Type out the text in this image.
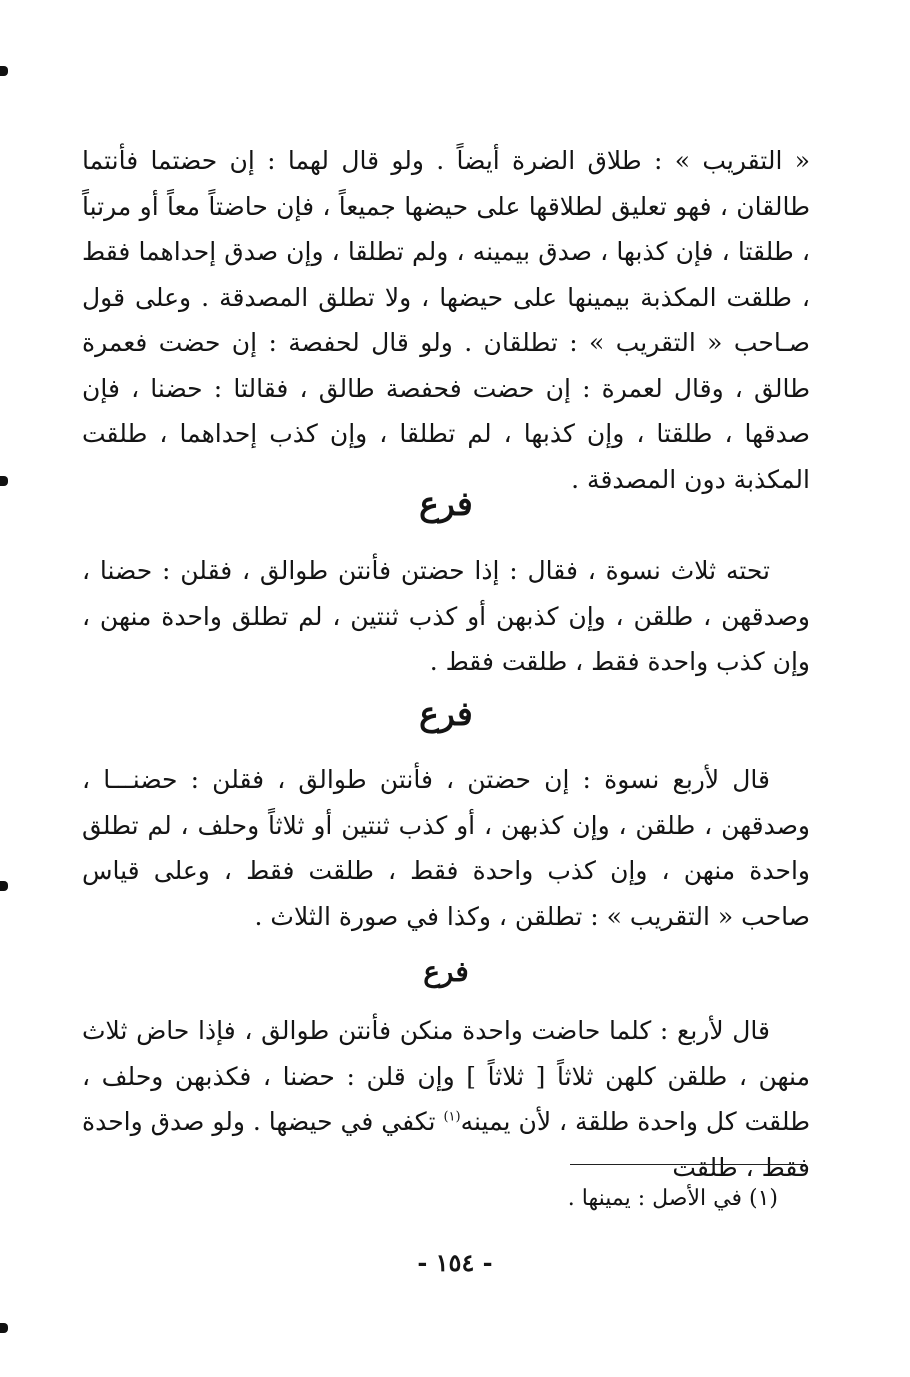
« التقريب » : طلاق الضرة أيضاً . ولو قال لهما : إن حضتما فأنتما طالقان ، فهو تعليق لطلاقها على حيضها جميعاً ، فإن حاضتاً معاً أو مرتباً ، طلقتا ، فإن كذبها ، صدق بيمينه ، ولم تطلقا ، وإن صدق إحداهما فقط ، طلقت المكذبة بيمينها على حيضها ، ولا تطلق المصدقة . وعلى قول صـاحب « التقريب » : تطلقان . ولو قال لحفصة : إن حضت فعمرة طالق ، وقال لعمرة : إن حضت فحفصة طالق ، فقالتا : حضنا ، فإن صدقها ، طلقتا ، وإن كذبها ، لم تطلقا ، وإن كذب إحداهما ، طلقت المكذبة دون المصدقة .

فرع

تحته ثلاث نسوة ، فقال : إذا حضتن فأنتن طوالق ، فقلن : حضنا ، وصدقهن ، طلقن ، وإن كذبهن أو كذب ثنتين ، لم تطلق واحدة منهن ، وإن كذب واحدة فقط ، طلقت فقط .

فرع

قال لأربع نسوة : إن حضتن ، فأنتن طوالق ، فقلن : حضنـــا ، وصدقهن ، طلقن ، وإن كذبهن ، أو كذب ثنتين أو ثلاثاً وحلف ، لم تطلق واحدة منهن ، وإن كذب واحدة فقط ، طلقت فقط ، وعلى قياس صاحب « التقريب » : تطلقن ، وكذا في صورة الثلاث .

فرع

قال لأربع : كلما حاضت واحدة منكن فأنتن طوالق ، فإذا حاض ثلاث منهن ، طلقن كلهن ثلاثاً [ ثلاثاً ] وإن قلن : حضنا ، فكذبهن وحلف ، طلقت كل واحدة طلقة ، لأن يمينه$^{(١)}$ تكفي في حيضها . ولو صدق واحدة فقط ، طلقت

(١) في الأصل : يمينها .

- ١٥٤ -
